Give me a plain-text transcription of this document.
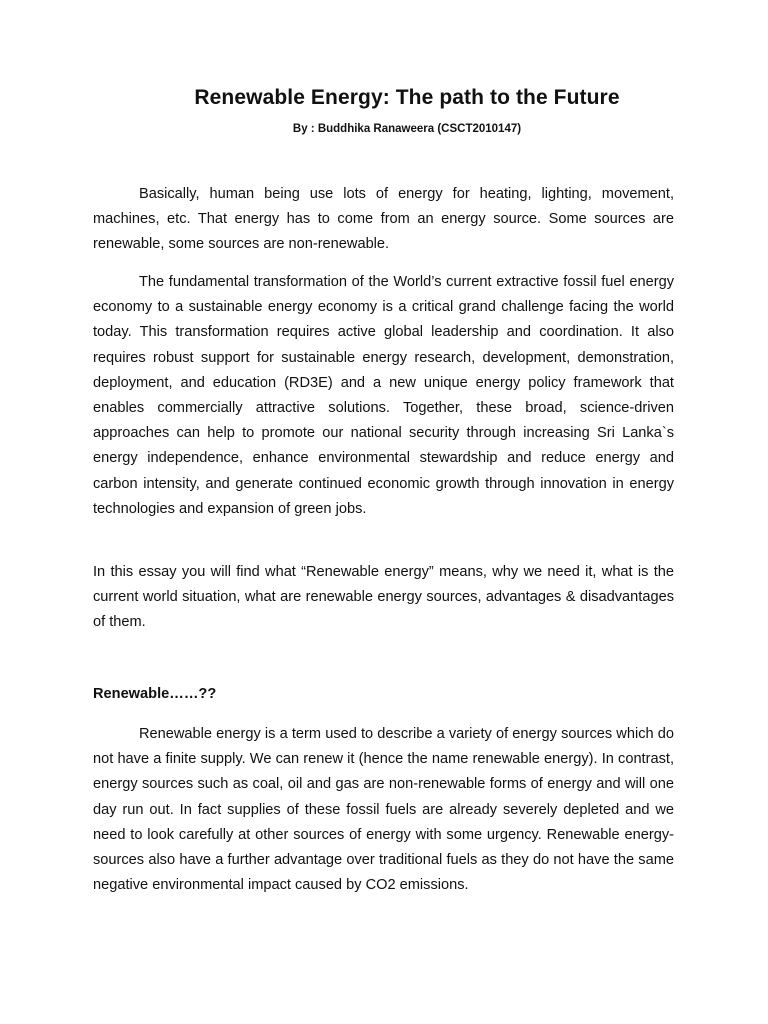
Renewable Energy: The path to the Future
By : Buddhika Ranaweera (CSCT2010147)

Basically, human being use lots of energy for heating, lighting, movement, machines, etc. That energy has to come from an energy source. Some sources are renewable, some sources are non-renewable.

The fundamental transformation of the World’s current extractive fossil fuel energy economy to a sustainable energy economy is a critical grand challenge facing the world today. This transformation requires active global leadership and coordination. It also requires robust support for sustainable energy research, development, demonstration, deployment, and education (RD3E) and a new unique energy policy framework that enables commercially attractive solutions. Together, these broad, science-driven approaches can help to promote our national security through increasing Sri Lanka`s energy independence, enhance environmental stewardship and reduce energy and carbon intensity, and generate continued economic growth through innovation in energy technologies and expansion of green jobs.

In this essay you will find what “Renewable energy” means, why we need it, what is the current world situation, what are renewable energy sources, advantages & disadvantages of them.

Renewable……??

Renewable energy is a term used to describe a variety of energy sources which do not have a finite supply. We can renew it (hence the name renewable energy). In contrast, energy sources such as coal, oil and gas are non-renewable forms of energy and will one day run out. In fact supplies of these fossil fuels are already severely depleted and we need to look carefully at other sources of energy with some urgency. Renewable energy-sources also have a further advantage over traditional fuels as they do not have the same negative environmental impact caused by CO2 emissions.
